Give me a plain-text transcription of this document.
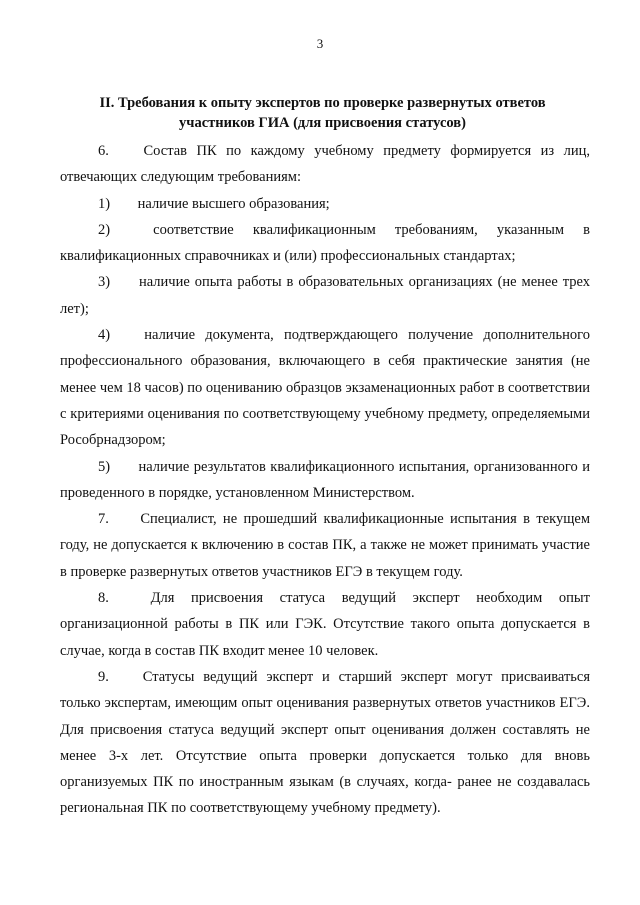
3
II. Требования к опыту экспертов по проверке развернутых ответов
участников ГИА (для присвоения статусов)

6. Состав ПК по каждому учебному предмету формируется из лиц, отвечающих следующим требованиям:

1) наличие высшего образования;

2)	соответствие квалификационным требованиям, указанным в квалификационных справочниках и (или) профессиональных стандартах;

3) наличие опыта работы в образовательных организациях (не менее трех лет);

4) наличие документа, подтверждающего получение дополнительного профессионального образования, включающего в себя практические занятия (не менее чем 18 часов) по оцениванию образцов экзаменационных работ в соответствии с критериями оценивания по соответствующему учебному предмету, определяемыми Рособрнадзором;

5) наличие результатов квалификационного испытания, организованного и проведенного в порядке, установленном Министерством.

7. Специалист, не прошедший квалификационные испытания в текущем году, не допускается к включению в состав ПК, а также не может принимать участие в проверке развернутых ответов участников ЕГЭ в текущем году.

8.	Для присвоения статуса ведущий эксперт необходим опыт организационной работы в ПК или ГЭК. Отсутствие такого опыта допускается в случае, когда в состав ПК входит менее 10 человек.

9. Статусы ведущий эксперт и старший эксперт могут присваиваться только экспертам, имеющим опыт оценивания развернутых ответов участников ЕГЭ. Для присвоения статуса ведущий эксперт опыт оценивания должен составлять не менее 3-х лет. Отсутствие опыта проверки допускается только для вновь организуемых ПК по иностранным языкам (в случаях, когда- ранее не создавалась региональная ПК по соответствующему учебному предмету).
